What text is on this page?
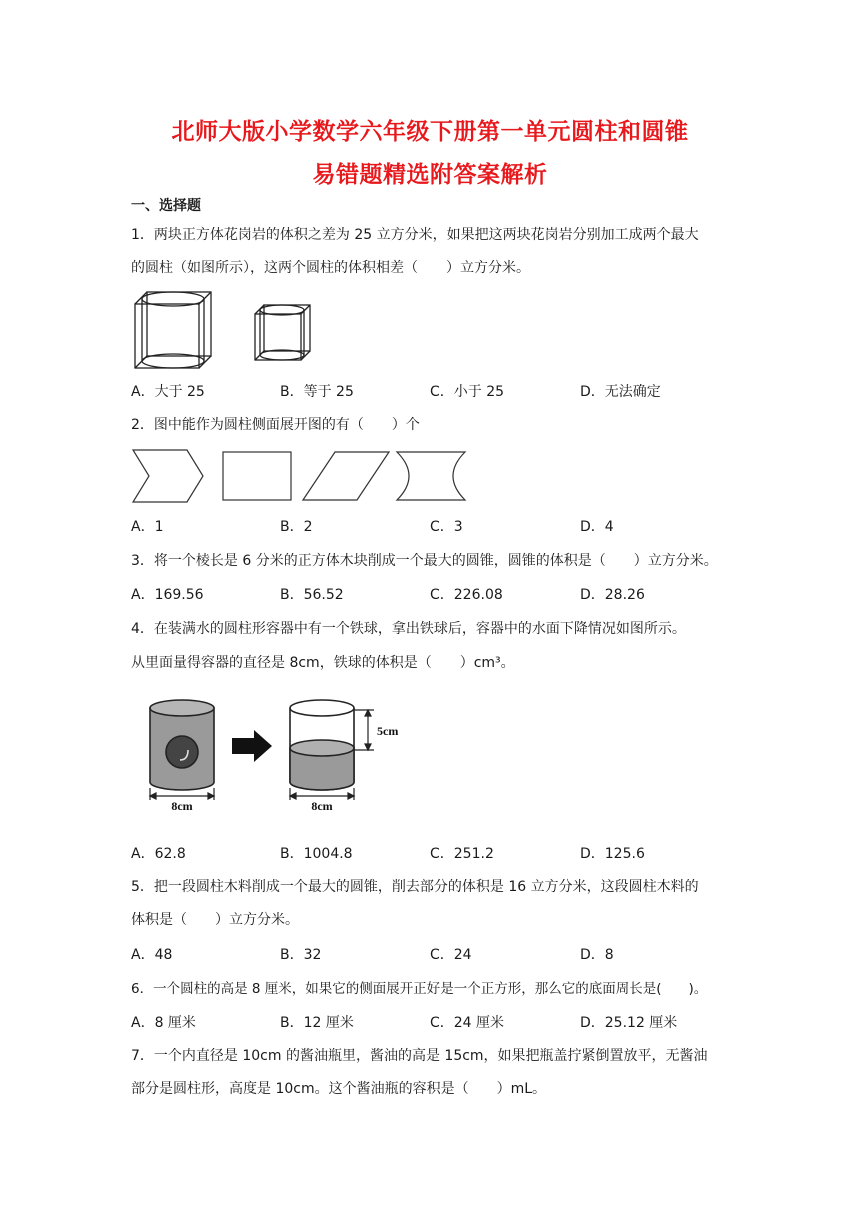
北师大版小学数学六年级下册第一单元圆柱和圆锥
易错题精选附答案解析
一、选择题
1．两块正方体花岗岩的体积之差为 25 立方分米，如果把这两块花岗岩分别加工成两个最大
的圆柱（如图所示），这两个圆柱的体积相差（　　）立方分米。
A．大于 25	B．等于 25	C．小于 25	D．无法确定
2．图中能作为圆柱侧面展开图的有（　　）个
A．1	B．2	C．3	D．4
3．将一个棱长是 6 分米的正方体木块削成一个最大的圆锥，圆锥的体积是（　　）立方分米。
A．169.56	B．56.52	C．226.08	D．28.26
4．在装满水的圆柱形容器中有一个铁球，拿出铁球后，容器中的水面下降情况如图所示。
从里面量得容器的直径是 8cm，铁球的体积是（　　）cm³。
8cm	8cm
5cm
A．62.8	B．1004.8	C．251.2	D．125.6
5．把一段圆柱木料削成一个最大的圆锥，削去部分的体积是 16 立方分米，这段圆柱木料的
体积是（　　）立方分米。
A．48	B．32	C．24	D．8
6．一个圆柱的高是 8 厘米，如果它的侧面展开正好是一个正方形，那么它的底面周长是(　　)。
A．8 厘米	B．12 厘米	C．24 厘米	D．25.12 厘米
7．一个内直径是 10cm 的酱油瓶里，酱油的高是 15cm，如果把瓶盖拧紧倒置放平，无酱油
部分是圆柱形，高度是 10cm。这个酱油瓶的容积是（　　）mL。
